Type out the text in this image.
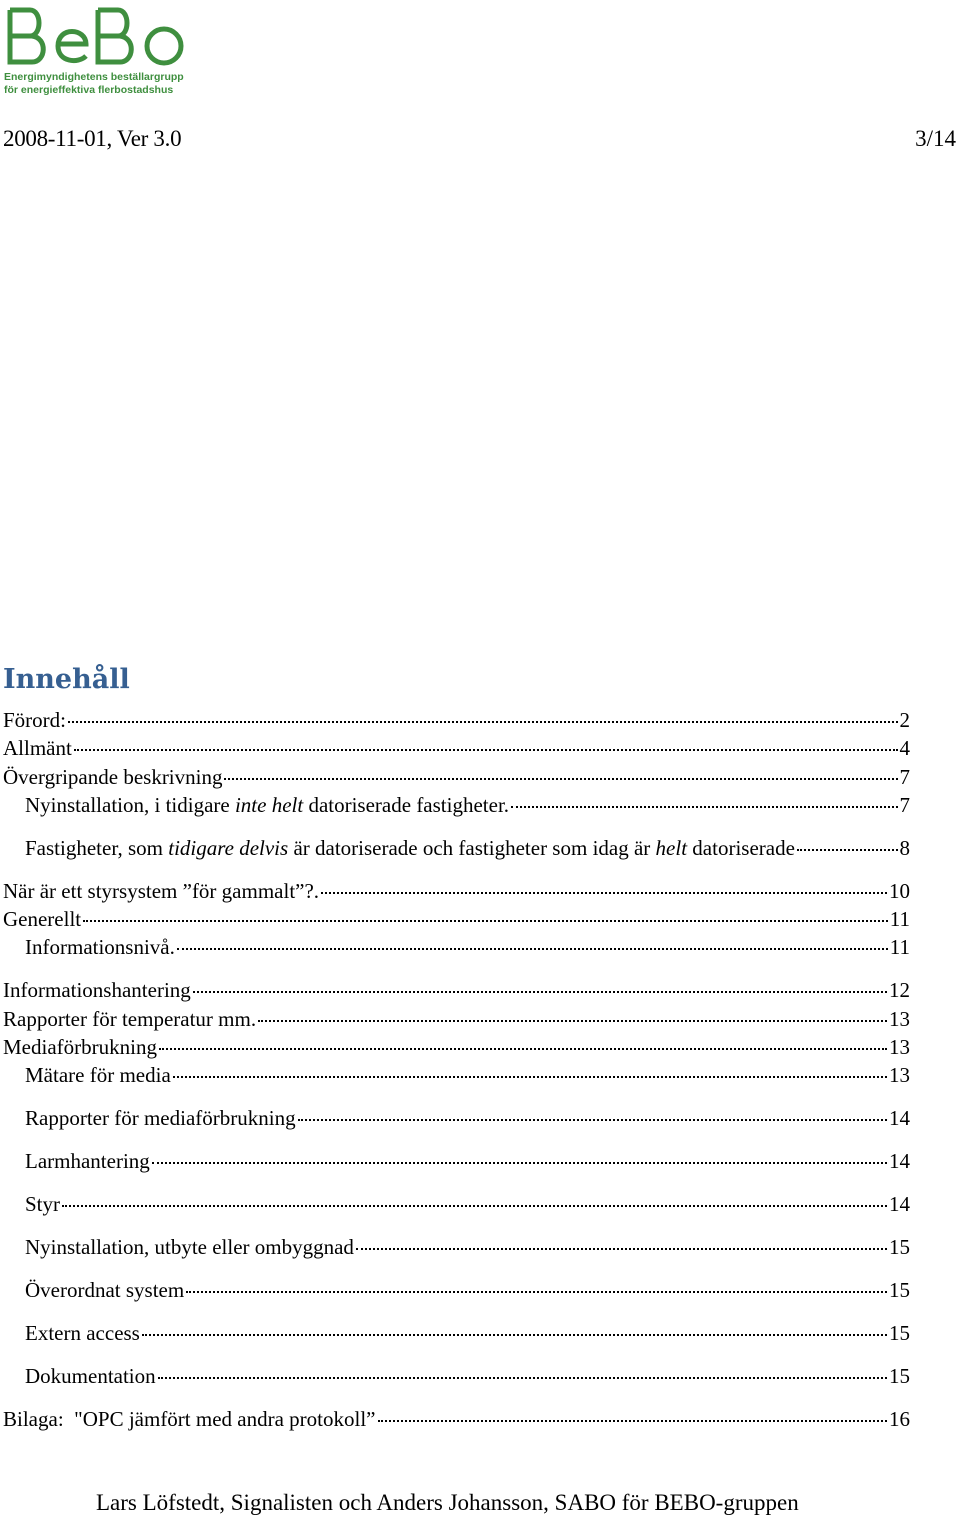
Energimyndighetens beställargrupp
för energieffektiva flerbostadshus
2008-11-01, Ver 3.0	3/14
Innehåll
Förord:	2
Allmänt	4
Övergripande beskrivning	7
Nyinstallation, i tidigare inte helt datoriserade fastigheter.	7
Fastigheter, som tidigare delvis är datoriserade och fastigheter som idag är helt datoriserade	8
När är ett styrsystem ”för gammalt”?.	10
Generellt	11
Informationsnivå.	11
Informationshantering	12
Rapporter för temperatur mm.	13
Mediaförbrukning	13
Mätare för media	13
Rapporter för mediaförbrukning	14
Larmhantering	14
Styr	14
Nyinstallation, utbyte eller ombyggnad	15
Överordnat system	15
Extern access	15
Dokumentation	15
Bilaga:  "OPC jämfört med andra protokoll”	16
Lars Löfstedt, Signalisten och Anders Johansson, SABO för BEBO-gruppen
